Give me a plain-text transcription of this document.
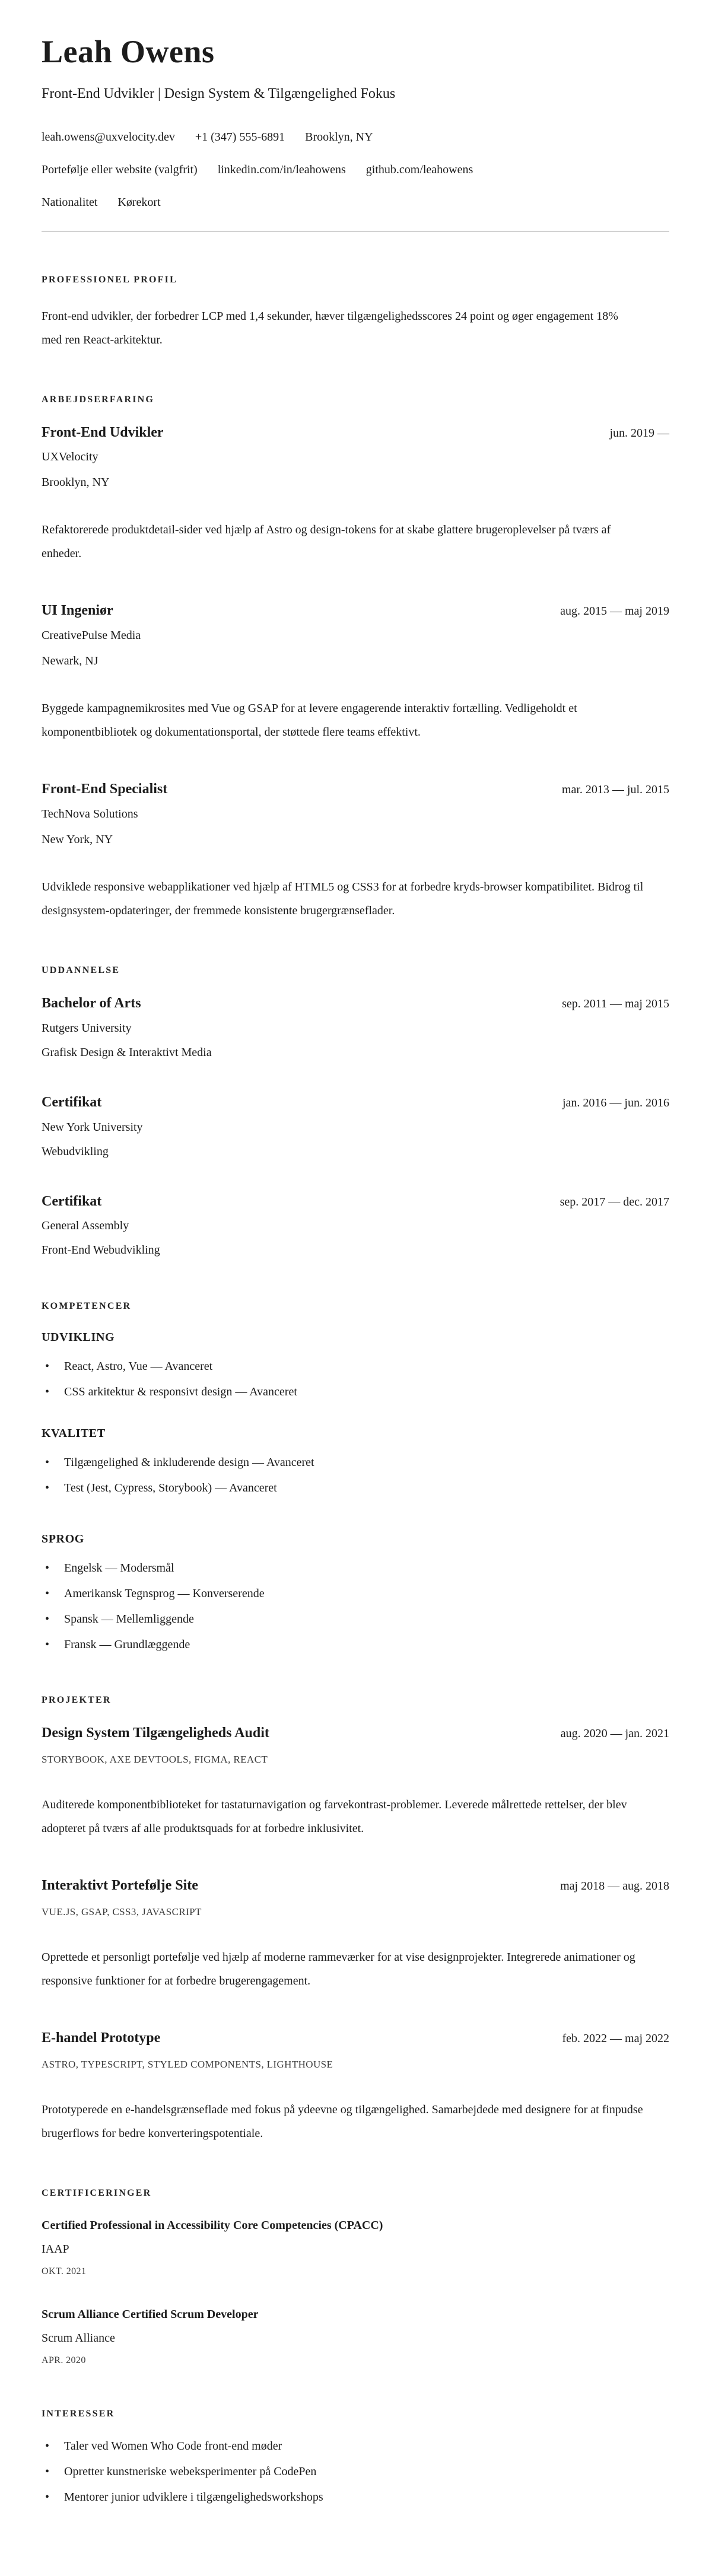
Leah Owens

Front-End Udvikler | Design System & Tilgængelighed Fokus

leah.owens@uxvelocity.dev +1 (347) 555-6891 Brooklyn, NY
Portefølje eller website (valgfrit) linkedin.com/in/leahowens github.com/leahowens
Nationalitet Kørekort
PROFESSIONEL PROFIL

Front-end udvikler, der forbedrer LCP med 1,4 sekunder, hæver tilgængelighedsscores 24 point og øger engagement 18% med ren React-arkitektur.

ARBEJDSERFARING
Front-End Udvikler	jun. 2019 —
UXVelocity
Brooklyn, NY

Refaktorerede produktdetail-sider ved hjælp af Astro og design-tokens for at skabe glattere brugeroplevelser på tværs af enheder.

UI Ingeniør	aug. 2015 — maj 2019
CreativePulse Media
Newark, NJ

Byggede kampagnemikrosites med Vue og GSAP for at levere engagerende interaktiv fortælling. Vedligeholdt et komponentbibliotek og dokumentationsportal, der støttede flere teams effektivt.

Front-End Specialist	mar. 2013 — jul. 2015
TechNova Solutions
New York, NY

Udviklede responsive webapplikationer ved hjælp af HTML5 og CSS3 for at forbedre kryds-browser kompatibilitet. Bidrog til designsystem-opdateringer, der fremmede konsistente brugergrænseflader.

UDDANNELSE
Bachelor of Arts	sep. 2011 — maj 2015
Rutgers University
Grafisk Design & Interaktivt Media
Certifikat	jan. 2016 — jun. 2016
New York University
Webudvikling
Certifikat	sep. 2017 — dec. 2017
General Assembly
Front-End Webudvikling
KOMPETENCER
UDVIKLING
• React, Astro, Vue — Avanceret
• CSS arkitektur & responsivt design — Avanceret
KVALITET
• Tilgængelighed & inkluderende design — Avanceret
• Test (Jest, Cypress, Storybook) — Avanceret
SPROG
• Engelsk — Modersmål
• Amerikansk Tegnsprog — Konverserende
• Spansk — Mellemliggende
• Fransk — Grundlæggende
PROJEKTER
Design System Tilgængeligheds Audit	aug. 2020 — jan. 2021
STORYBOOK, AXE DEVTOOLS, FIGMA, REACT

Auditerede komponentbiblioteket for tastaturnavigation og farvekontrast-problemer. Leverede målrettede rettelser, der blev adopteret på tværs af alle produktsquads for at forbedre inklusivitet.

Interaktivt Portefølje Site	maj 2018 — aug. 2018
VUE.JS, GSAP, CSS3, JAVASCRIPT

Oprettede et personligt portefølje ved hjælp af moderne rammeværker for at vise designprojekter. Integrerede animationer og responsive funktioner for at forbedre brugerengagement.

E-handel Prototype	feb. 2022 — maj 2022
ASTRO, TYPESCRIPT, STYLED COMPONENTS, LIGHTHOUSE

Prototyperede en e-handelsgrænseflade med fokus på ydeevne og tilgængelighed. Samarbejdede med designere for at finpudse brugerflows for bedre konverteringspotentiale.

CERTIFICERINGER
Certified Professional in Accessibility Core Competencies (CPACC)
IAAP
OKT. 2021
Scrum Alliance Certified Scrum Developer
Scrum Alliance
APR. 2020
INTERESSER
• Taler ved Women Who Code front-end møder
• Opretter kunstneriske webeksperimenter på CodePen
• Mentorer junior udviklere i tilgængelighedsworkshops
